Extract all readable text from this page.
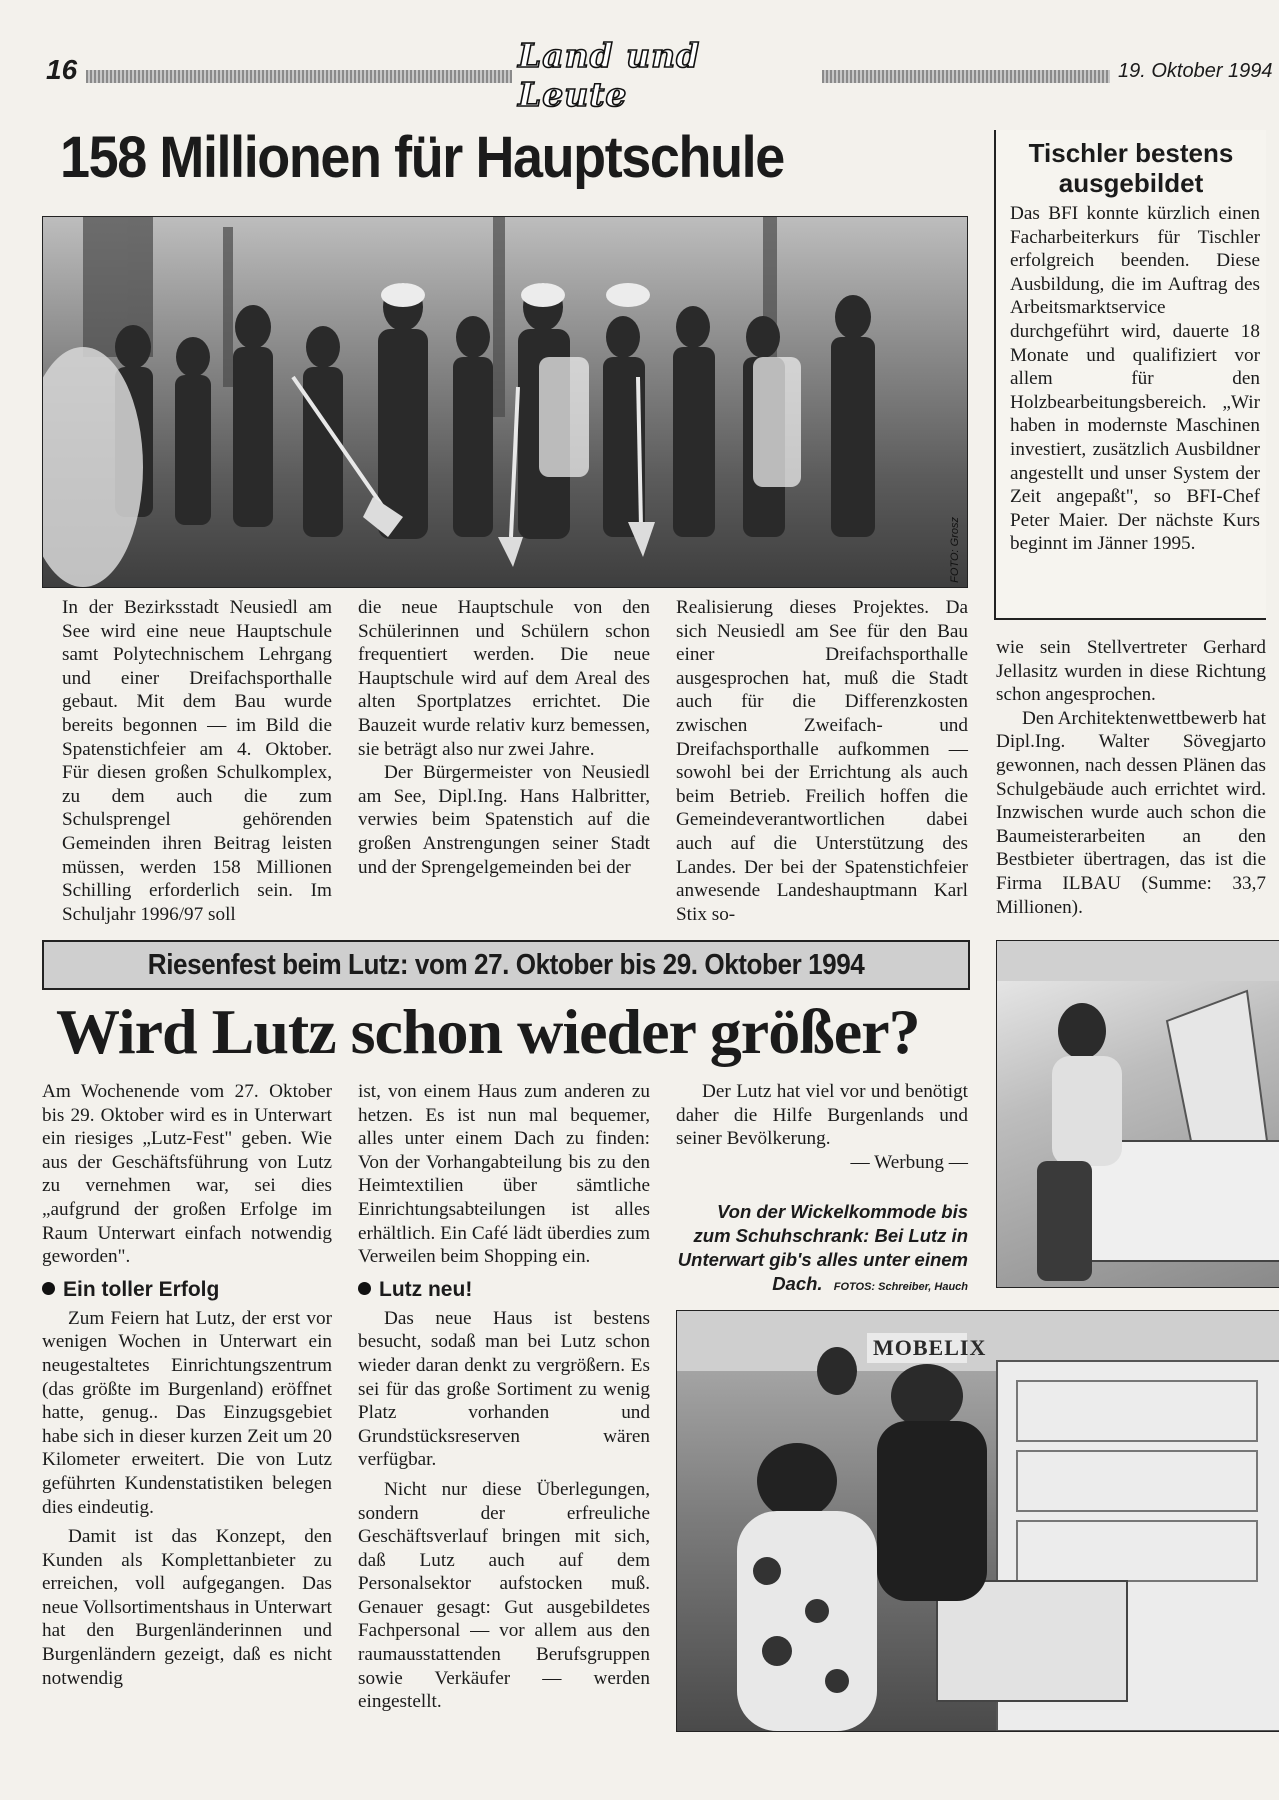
16	Land und Leute
19. Oktober 1994
158 Millionen für Hauptschule
FOTO: Grosz

In der Bezirksstadt Neusiedl am See wird eine neue Hauptschule samt Polytechnischem Lehrgang und einer Dreifachsporthalle gebaut. Mit dem Bau wurde bereits begonnen — im Bild die Spatenstichfeier am 4. Oktober. Für diesen großen Schulkomplex, zu dem auch die zum Schulsprengel gehörenden Gemeinden ihren Beitrag leisten müssen, werden 158 Millionen Schilling erforderlich sein. Im Schuljahr 1996/97 soll

die neue Hauptschule von den Schülerinnen und Schülern schon frequentiert werden. Die neue Hauptschule wird auf dem Areal des alten Sportplatzes errichtet. Die Bauzeit wurde relativ kurz bemessen, sie beträgt also nur zwei Jahre.

Der Bürgermeister von Neusiedl am See, Dipl.Ing. Hans Halbritter, verwies beim Spatenstich auf die großen Anstrengungen seiner Stadt und der Sprengelgemeinden bei der

Realisierung dieses Projektes. Da sich Neusiedl am See für den Bau einer Dreifachsporthalle ausgesprochen hat, muß die Stadt auch für die Differenzkosten zwischen Zweifach- und Dreifachsporthalle aufkommen — sowohl bei der Errichtung als auch beim Betrieb. Freilich hoffen die Gemeindeverantwortlichen dabei auch auf die Unterstützung des Landes. Der bei der Spatenstichfeier anwesende Landeshauptmann Karl Stix so-

wie sein Stellvertreter Gerhard Jellasitz wurden in diese Richtung schon angesprochen.

Den Architektenwettbewerb hat Dipl.Ing. Walter Sövegjarto gewonnen, nach dessen Plänen das Schulgebäude auch errichtet wird. Inzwischen wurde auch schon die Baumeisterarbeiten an den Bestbieter übertragen, das ist die Firma ILBAU (Summe: 33,7 Millionen).

Tischler bestens ausgebildet
Das BFI konnte kürzlich einen Facharbeiterkurs für Tischler erfolgreich beenden. Diese Ausbildung, die im Auftrag des Arbeitsmarktservice durchgeführt wird, dauerte 18 Monate und qualifiziert vor allem für den Holzbearbeitungsbereich. „Wir haben in modernste Maschinen investiert, zusätzlich Ausbildner angestellt und unser System der Zeit angepaßt", so BFI-Chef Peter Maier. Der nächste Kurs beginnt im Jänner 1995.
Riesenfest beim Lutz: vom 27. Oktober bis 29. Oktober 1994
Wird Lutz schon wieder größer?

Am Wochenende vom 27. Oktober bis 29. Oktober wird es in Unterwart ein riesiges „Lutz-Fest" geben. Wie aus der Geschäftsführung von Lutz zu vernehmen war, sei dies „aufgrund der großen Erfolge im Raum Unterwart einfach notwendig geworden".

Ein toller Erfolg

Zum Feiern hat Lutz, der erst vor wenigen Wochen in Unterwart ein neugestaltetes Einrichtungszentrum (das größte im Burgenland) eröffnet hatte, genug.. Das Einzugsgebiet habe sich in dieser kurzen Zeit um 20 Kilometer erweitert. Die von Lutz geführten Kundenstatistiken belegen dies eindeutig.

Damit ist das Konzept, den Kunden als Komplettanbieter zu erreichen, voll aufgegangen. Das neue Vollsortimentshaus in Unterwart hat den Burgenländerinnen und Burgenländern gezeigt, daß es nicht notwendig

ist, von einem Haus zum anderen zu hetzen. Es ist nun mal bequemer, alles unter einem Dach zu finden: Von der Vorhangabteilung bis zu den Heimtextilien über sämtliche Einrichtungsabteilungen ist alles erhältlich. Ein Café lädt überdies zum Verweilen beim Shopping ein.

Lutz neu!

Das neue Haus ist bestens besucht, sodaß man bei Lutz schon wieder daran denkt zu vergrößern. Es sei für das große Sortiment zu wenig Platz vorhanden und Grundstücksreserven wären verfügbar.

Nicht nur diese Überlegungen, sondern der erfreuliche Geschäftsverlauf bringen mit sich, daß Lutz auch auf dem Personalsektor aufstocken muß. Genauer gesagt: Gut ausgebildetes Fachpersonal — vor allem aus den raumausstattenden Berufsgruppen sowie Verkäufer — werden eingestellt.

Der Lutz hat viel vor und benötigt daher die Hilfe Burgenlands und seiner Bevölkerung.

— Werbung —
Von der Wickelkommode bis zum Schuhschrank: Bei Lutz in Unterwart gib's alles unter einem Dach. FOTOS: Schreiber, Hauch
MOBELIX
